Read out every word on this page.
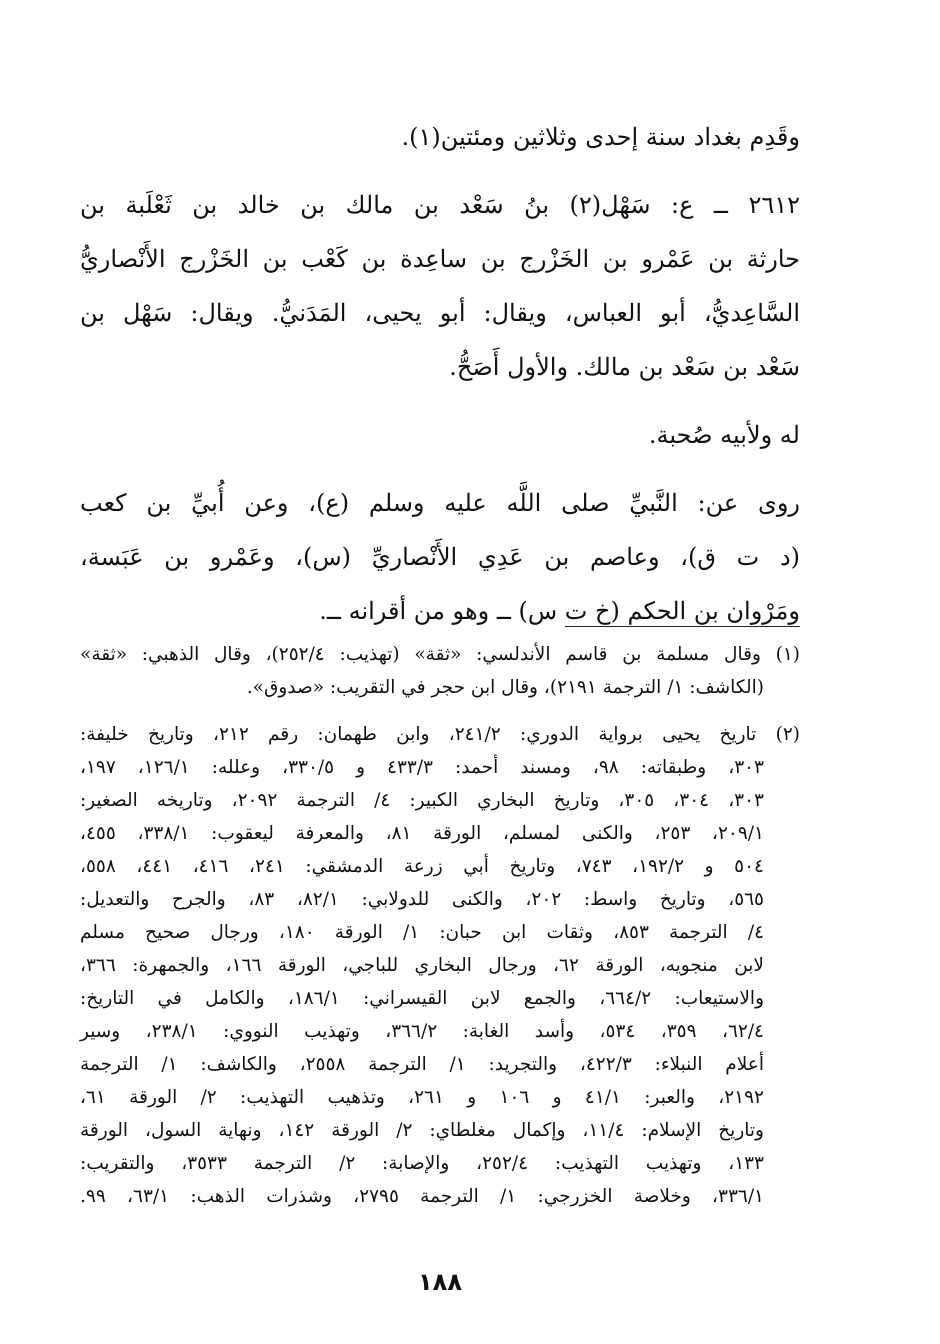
وقَدِم بغداد سنة إحدى وثلاثين ومئتين(١).
٢٦١٢ ــ ع: سَهْل(٢) بنُ سَعْد بن مالك بن خالد بن ثَعْلَبة بن
حارثة بن عَمْرو بن الخَزْرج بن ساعِدة بن كَعْب بن الخَزْرج الأَنْصاريُّ
السَّاعِديُّ، أبو العباس، ويقال: أبو يحيى، المَدَنيُّ. ويقال: سَهْل بن
سَعْد بن سَعْد بن مالك. والأول أَصَحُّ.
له ولأبيه صُحبة.
روى عن: النَّبيِّ صلى اللَّه عليه وسلم (ع)، وعن أُبيِّ بن كعب
(د ت ق)، وعاصم بن عَدِي الأَنْصاريِّ (س)، وعَمْرو بن عَبَسة،
ومَرْوان بن الحكم (خ ت س) ــ وهو من أقرانه ــ.
(١) وقال مسلمة بن قاسم الأندلسي: «ثقة» (تهذيب: ٢٥٢/٤)، وقال الذهبي: «ثقة»
(الكاشف: ١/ الترجمة ٢١٩١)، وقال ابن حجر في التقريب: «صدوق».
(٢) تاريخ يحيى برواية الدوري: ٢٤١/٢، وابن طهمان: رقم ٢١٢، وتاريخ خليفة:
٣٠٣، وطبقاته: ٩٨، ومسند أحمد: ٤٣٣/٣ و ٣٣٠/٥، وعلله: ١٢٦/١، ١٩٧،
٣٠٣، ٣٠٤، ٣٠٥، وتاريخ البخاري الكبير: ٤/ الترجمة ٢٠٩٢، وتاريخه الصغير:
٢٠٩/١، ٢٥٣، والكنى لمسلم، الورقة ٨١، والمعرفة ليعقوب: ٣٣٨/١، ٤٥٥،
٥٠٤ و ١٩٢/٢، ٧٤٣، وتاريخ أبي زرعة الدمشقي: ٢٤١، ٤١٦، ٤٤١، ٥٥٨،
٥٦٥، وتاريخ واسط: ٢٠٢، والكنى للدولابي: ٨٢/١، ٨٣، والجرح والتعديل:
٤/ الترجمة ٨٥٣، وثقات ابن حبان: ١/ الورقة ١٨٠، ورجال صحيح مسلم
لابن منجويه، الورقة ٦٢، ورجال البخاري للباجي، الورقة ١٦٦، والجمهرة: ٣٦٦،
والاستيعاب: ٦٦٤/٢، والجمع لابن القيسراني: ١٨٦/١، والكامل في التاريخ:
٦٢/٤، ٣٥٩، ٥٣٤، وأسد الغابة: ٣٦٦/٢، وتهذيب النووي: ٢٣٨/١، وسير
أعلام النبلاء: ٤٢٢/٣، والتجريد: ١/ الترجمة ٢٥٥٨، والكاشف: ١/ الترجمة
٢١٩٢، والعبر: ٤١/١ و ١٠٦ و ٢٦١، وتذهيب التهذيب: ٢/ الورقة ٦١،
وتاريخ الإسلام: ١١/٤، وإكمال مغلطاي: ٢/ الورقة ١٤٢، ونهاية السول، الورقة
١٣٣، وتهذيب التهذيب: ٢٥٢/٤، والإصابة: ٢/ الترجمة ٣٥٣٣، والتقريب:
٣٣٦/١، وخلاصة الخزرجي: ١/ الترجمة ٢٧٩٥، وشذرات الذهب: ٦٣/١، ٩٩.
١٨٨
